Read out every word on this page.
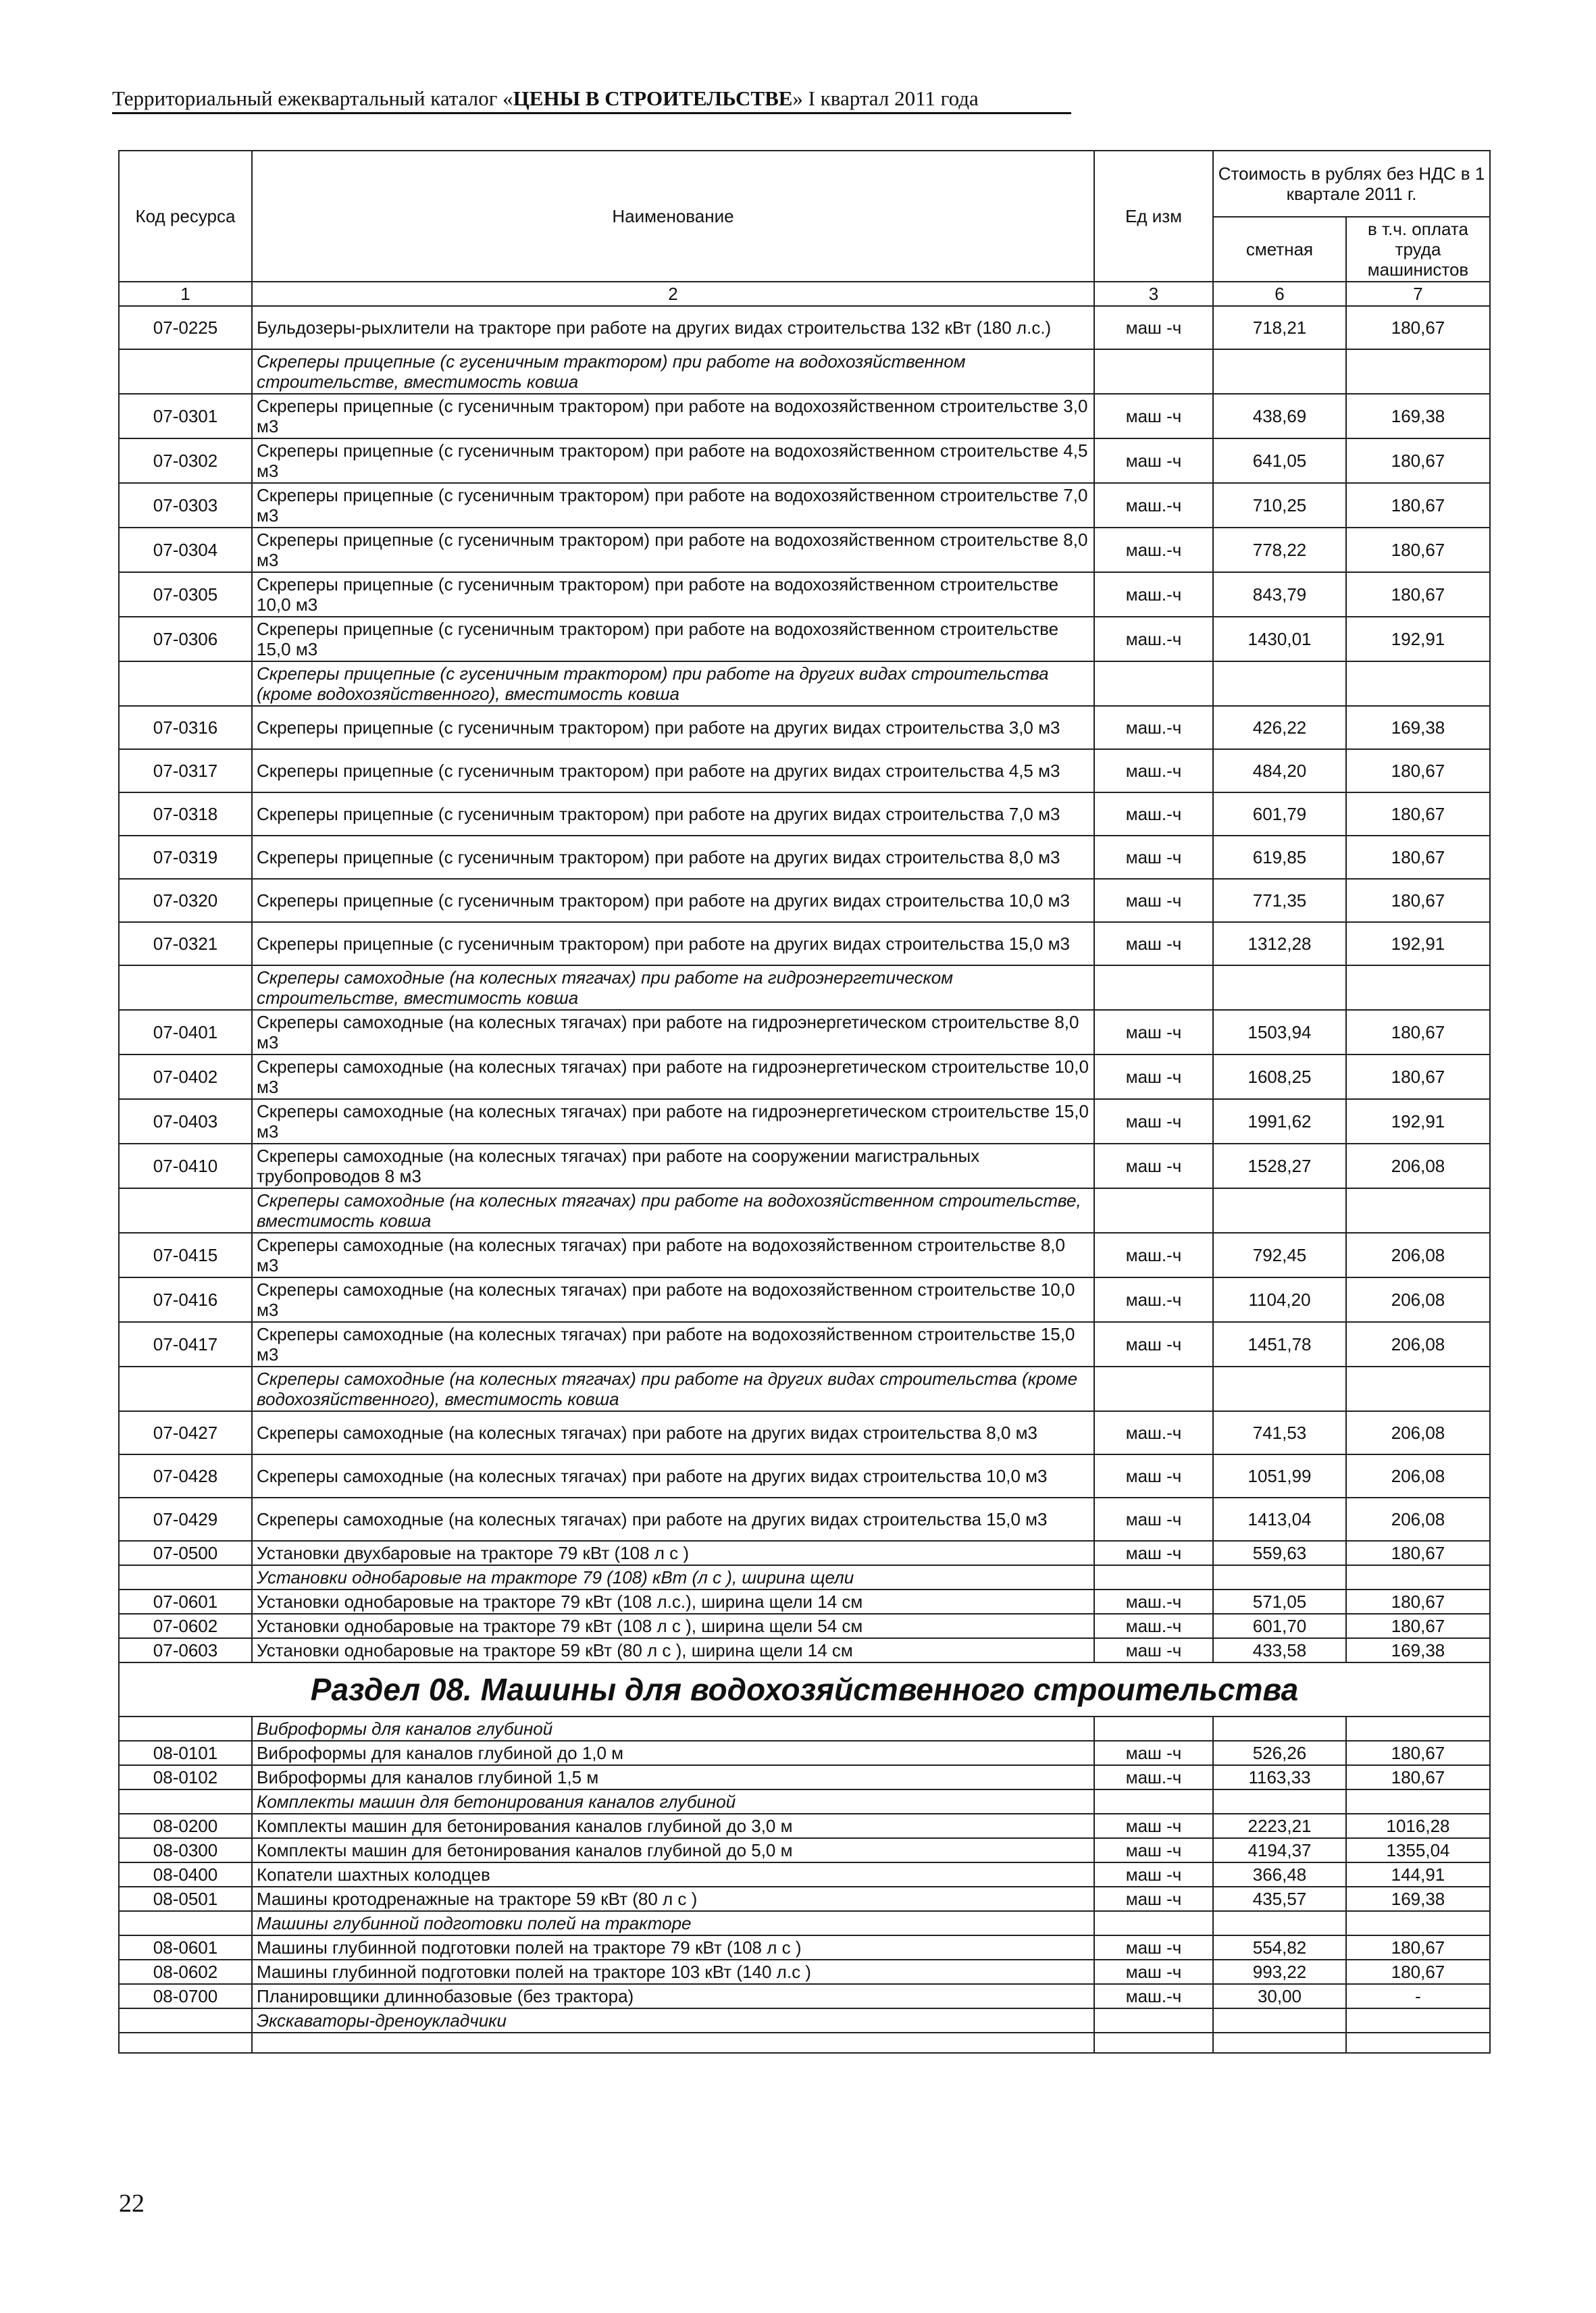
Территориальный ежеквартальный каталог «ЦЕНЫ В СТРОИТЕЛЬСТВЕ» I квартал 2011 года
Код ресурса	Наименование	Ед изм	Стоимость в рублях без НДС в 1 квартале 2011 г.	
			сметная	в т.ч. оплата труда машинистов
1	2	3	6	7
07-0225	Бульдозеры-рыхлители на тракторе при работе на других видах строительства 132 кВт (180 л.с.)	маш -ч	718,21	180,67
	Скреперы прицепные (с гусеничным трактором) при работе на водохозяйственном строительстве, вместимость ковша			
07-0301	Скреперы прицепные (с гусеничным трактором) при работе на водохозяйственном строительстве 3,0 м3	маш -ч	438,69	169,38
07-0302	Скреперы прицепные (с гусеничным трактором) при работе на водохозяйственном строительстве 4,5 м3	маш -ч	641,05	180,67
07-0303	Скреперы прицепные (с гусеничным трактором) при работе на водохозяйственном строительстве 7,0 м3	маш.-ч	710,25	180,67
07-0304	Скреперы прицепные (с гусеничным трактором) при работе на водохозяйственном строительстве 8,0 м3	маш.-ч	778,22	180,67
07-0305	Скреперы прицепные (с гусеничным трактором) при работе на водохозяйственном строительстве 10,0 м3	маш.-ч	843,79	180,67
07-0306	Скреперы прицепные (с гусеничным трактором) при работе на водохозяйственном строительстве 15,0 м3	маш.-ч	1430,01	192,91
	Скреперы прицепные (с гусеничным трактором) при работе на других видах строительства (кроме водохозяйственного), вместимость ковша			
07-0316	Скреперы прицепные (с гусеничным трактором) при работе на других видах строительства 3,0 м3	маш.-ч	426,22	169,38
07-0317	Скреперы прицепные (с гусеничным трактором) при работе на других видах строительства 4,5 м3	маш.-ч	484,20	180,67
07-0318	Скреперы прицепные (с гусеничным трактором) при работе на других видах строительства 7,0 м3	маш.-ч	601,79	180,67
07-0319	Скреперы прицепные (с гусеничным трактором) при работе на других видах строительства 8,0 м3	маш -ч	619,85	180,67
07-0320	Скреперы прицепные (с гусеничным трактором) при работе на других видах строительства 10,0 м3	маш -ч	771,35	180,67
07-0321	Скреперы прицепные (с гусеничным трактором) при работе на других видах строительства 15,0 м3	маш -ч	1312,28	192,91
	Скреперы самоходные (на колесных тягачах) при работе на гидроэнергетическом строительстве, вместимость ковша			
07-0401	Скреперы самоходные (на колесных тягачах) при работе на гидроэнергетическом строительстве 8,0 м3	маш -ч	1503,94	180,67
07-0402	Скреперы самоходные (на колесных тягачах) при работе на гидроэнергетическом строительстве 10,0 м3	маш -ч	1608,25	180,67
07-0403	Скреперы самоходные (на колесных тягачах) при работе на гидроэнергетическом строительстве 15,0 м3	маш -ч	1991,62	192,91
07-0410	Скреперы самоходные (на колесных тягачах) при работе на сооружении магистральных трубопроводов 8 м3	маш -ч	1528,27	206,08
	Скреперы самоходные (на колесных тягачах) при работе на водохозяйственном строительстве, вместимость ковша			
07-0415	Скреперы самоходные (на колесных тягачах) при работе на водохозяйственном строительстве 8,0 м3	маш.-ч	792,45	206,08
07-0416	Скреперы самоходные (на колесных тягачах) при работе на водохозяйственном строительстве 10,0 м3	маш.-ч	1104,20	206,08
07-0417	Скреперы самоходные (на колесных тягачах) при работе на водохозяйственном строительстве 15,0 м3	маш -ч	1451,78	206,08
	Скреперы самоходные (на колесных тягачах) при работе на других видах строительства (кроме водохозяйственного), вместимость ковша			
07-0427	Скреперы самоходные (на колесных тягачах) при работе на других видах строительства 8,0 м3	маш.-ч	741,53	206,08
07-0428	Скреперы самоходные (на колесных тягачах) при работе на других видах строительства 10,0 м3	маш -ч	1051,99	206,08
07-0429	Скреперы самоходные (на колесных тягачах) при работе на других видах строительства 15,0 м3	маш -ч	1413,04	206,08
07-0500	Установки двухбаровые на тракторе 79 кВт (108 л с )	маш -ч	559,63	180,67
	Установки однобаровые на тракторе 79 (108) кВт (л с ), ширина щели			
07-0601	Установки однобаровые на тракторе 79 кВт (108 л.с.), ширина щели 14 см	маш.-ч	571,05	180,67
07-0602	Установки однобаровые на тракторе 79 кВт (108 л с ), ширина щели 54 см	маш.-ч	601,70	180,67
07-0603	Установки однобаровые на тракторе 59 кВт (80 л с ), ширина щели 14 см	маш -ч	433,58	169,38
Раздел 08. Машины для водохозяйственного строительства				
	Виброформы для каналов глубиной			
08-0101	Виброформы для каналов глубиной до 1,0 м	маш -ч	526,26	180,67
08-0102	Виброформы для каналов глубиной 1,5 м	маш.-ч	1163,33	180,67
	Комплекты машин для бетонирования каналов глубиной			
08-0200	Комплекты машин для бетонирования каналов глубиной до 3,0 м	маш -ч	2223,21	1016,28
08-0300	Комплекты машин для бетонирования каналов глубиной до 5,0 м	маш -ч	4194,37	1355,04
08-0400	Копатели шахтных колодцев	маш -ч	366,48	144,91
08-0501	Машины кротодренажные на тракторе 59 кВт (80 л с )	маш -ч	435,57	169,38
	Машины глубинной подготовки полей на тракторе			
08-0601	Машины глубинной подготовки полей на тракторе 79 кВт (108 л с )	маш -ч	554,82	180,67
08-0602	Машины глубинной подготовки полей на тракторе 103 кВт (140 л.с )	маш -ч	993,22	180,67
08-0700	Планировщики длиннобазовые (без трактора)	маш.-ч	30,00	-
	Экскаваторы-дреноукладчики			

22
